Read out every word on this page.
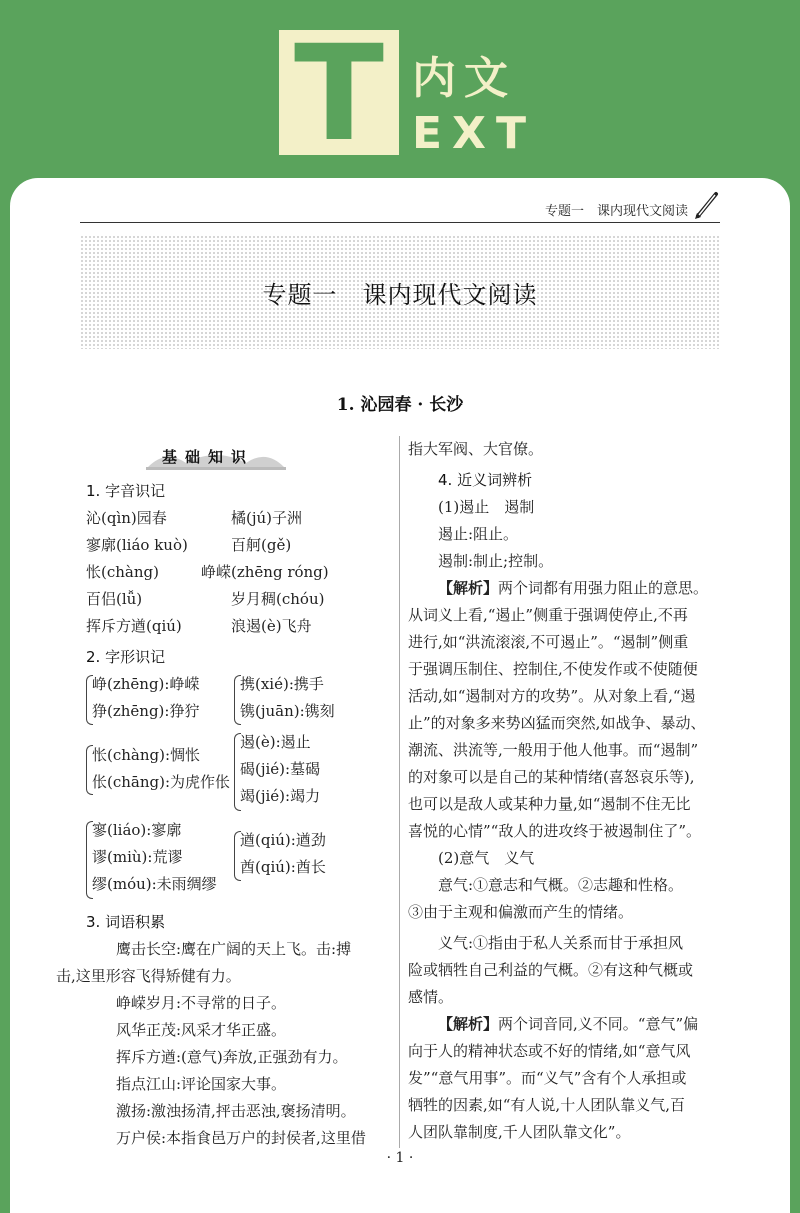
T 内文
EXT
专题一　课内现代文阅读
专题一　课内现代文阅读
1. 沁园春 · 长沙
基础知识
1. 字音识记
沁(qìn)园春	橘(jú)子洲
寥廓(liáo kuò)	百舸(gě)
怅(chàng)	峥嵘(zhēng róng)
百侣(lǚ)	岁月稠(chóu)
挥斥方遒(qiú)	浪遏(è)飞舟
2. 字形识记
峥(zhēng):峥嵘
狰(zhēng):狰狞
携(xié):携手
镌(juān):镌刻
怅(chàng):惆怅
伥(chāng):为虎作伥
遏(è):遏止
碣(jié):墓碣
竭(jié):竭力
寥(liáo):寥廓
谬(miù):荒谬
缪(móu):未雨绸缪
遒(qiú):遒劲
酋(qiú):酋长
3. 词语积累

鹰击长空:鹰在广阔的天上飞。击:搏

击,这里形容飞得矫健有力。

峥嵘岁月:不寻常的日子。

风华正茂:风采才华正盛。

挥斥方遒:(意气)奔放,正强劲有力。

指点江山:评论国家大事。

激扬:激浊扬清,抨击恶浊,褒扬清明。

万户侯:本指食邑万户的封侯者,这里借

指大军阀、大官僚。

4. 近义词辨析

(1)遏止　遏制

遏止:阻止。

遏制:制止;控制。

【解析】两个词都有用强力阻止的意思。

从词义上看,“遏止”侧重于强调使停止,不再

进行,如“洪流滚滚,不可遏止”。“遏制”侧重

于强调压制住、控制住,不使发作或不使随便

活动,如“遏制对方的攻势”。从对象上看,“遏

止”的对象多来势凶猛而突然,如战争、暴动、

潮流、洪流等,一般用于他人他事。而“遏制”

的对象可以是自己的某种情绪(喜怒哀乐等),

也可以是敌人或某种力量,如“遏制不住无比

喜悦的心情”“敌人的进攻终于被遏制住了”。

(2)意气　义气

意气:①意志和气概。②志趣和性格。

③由于主观和偏激而产生的情绪。

义气:①指由于私人关系而甘于承担风

险或牺牲自己利益的气概。②有这种气概或

感情。

【解析】两个词音同,义不同。“意气”偏

向于人的精神状态或不好的情绪,如“意气风

发”“意气用事”。而“义气”含有个人承担或

牺牲的因素,如“有人说,十人团队靠义气,百

人团队靠制度,千人团队靠文化”。

· 1 ·
